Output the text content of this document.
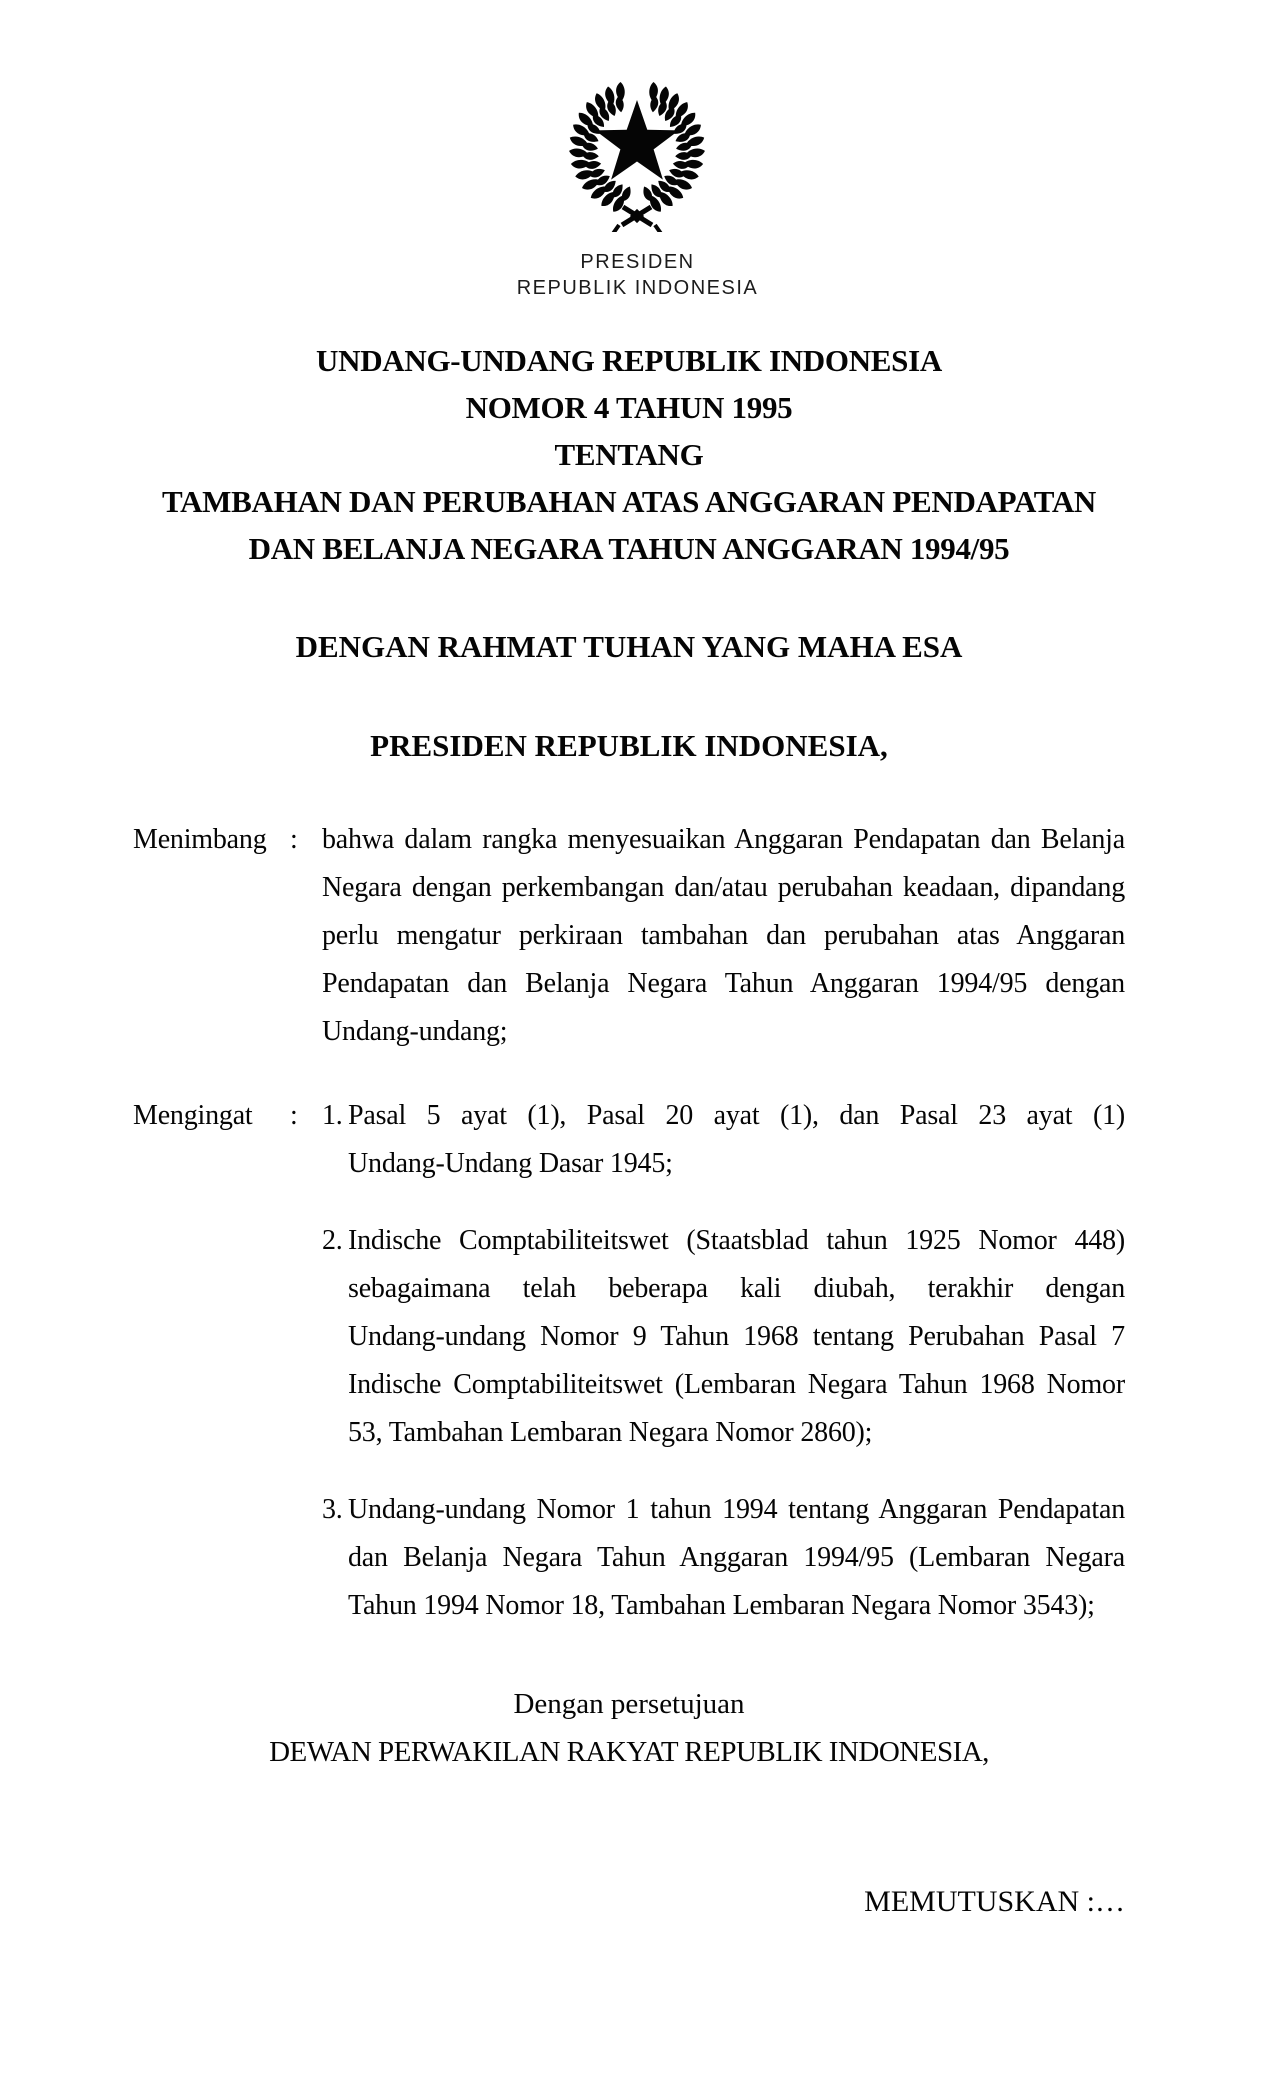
PRESIDEN
REPUBLIK INDONESIA
UNDANG-UNDANG REPUBLIK INDONESIA
NOMOR 4 TAHUN 1995
TENTANG
TAMBAHAN DAN PERUBAHAN ATAS ANGGARAN PENDAPATAN
DAN BELANJA NEGARA TAHUN ANGGARAN 1994/95
DENGAN RAHMAT TUHAN YANG MAHA ESA
PRESIDEN REPUBLIK INDONESIA,
Menimbang : bahwa dalam rangka menyesuaikan Anggaran Pendapatan dan Belanja
Negara dengan perkembangan dan/atau perubahan keadaan, dipandang
perlu mengatur perkiraan tambahan dan perubahan atas Anggaran
Pendapatan dan Belanja Negara Tahun Anggaran 1994/95 dengan
Undang-undang;
Mengingat	: 1. Pasal 5 ayat (1), Pasal 20 ayat (1), dan Pasal 23 ayat (1)
Undang-Undang Dasar 1945;
2. Indische Comptabiliteitswet (Staatsblad tahun 1925 Nomor 448)
sebagaimana telah beberapa kali diubah, terakhir dengan
Undang-undang Nomor 9 Tahun 1968 tentang Perubahan Pasal 7
Indische Comptabiliteitswet (Lembaran Negara Tahun 1968 Nomor
53, Tambahan Lembaran Negara Nomor 2860);
3. Undang-undang Nomor 1 tahun 1994 tentang Anggaran Pendapatan
dan Belanja Negara Tahun Anggaran 1994/95 (Lembaran Negara
Tahun 1994 Nomor 18, Tambahan Lembaran Negara Nomor 3543);
Dengan persetujuan
DEWAN PERWAKILAN RAKYAT REPUBLIK INDONESIA,
MEMUTUSKAN :…
